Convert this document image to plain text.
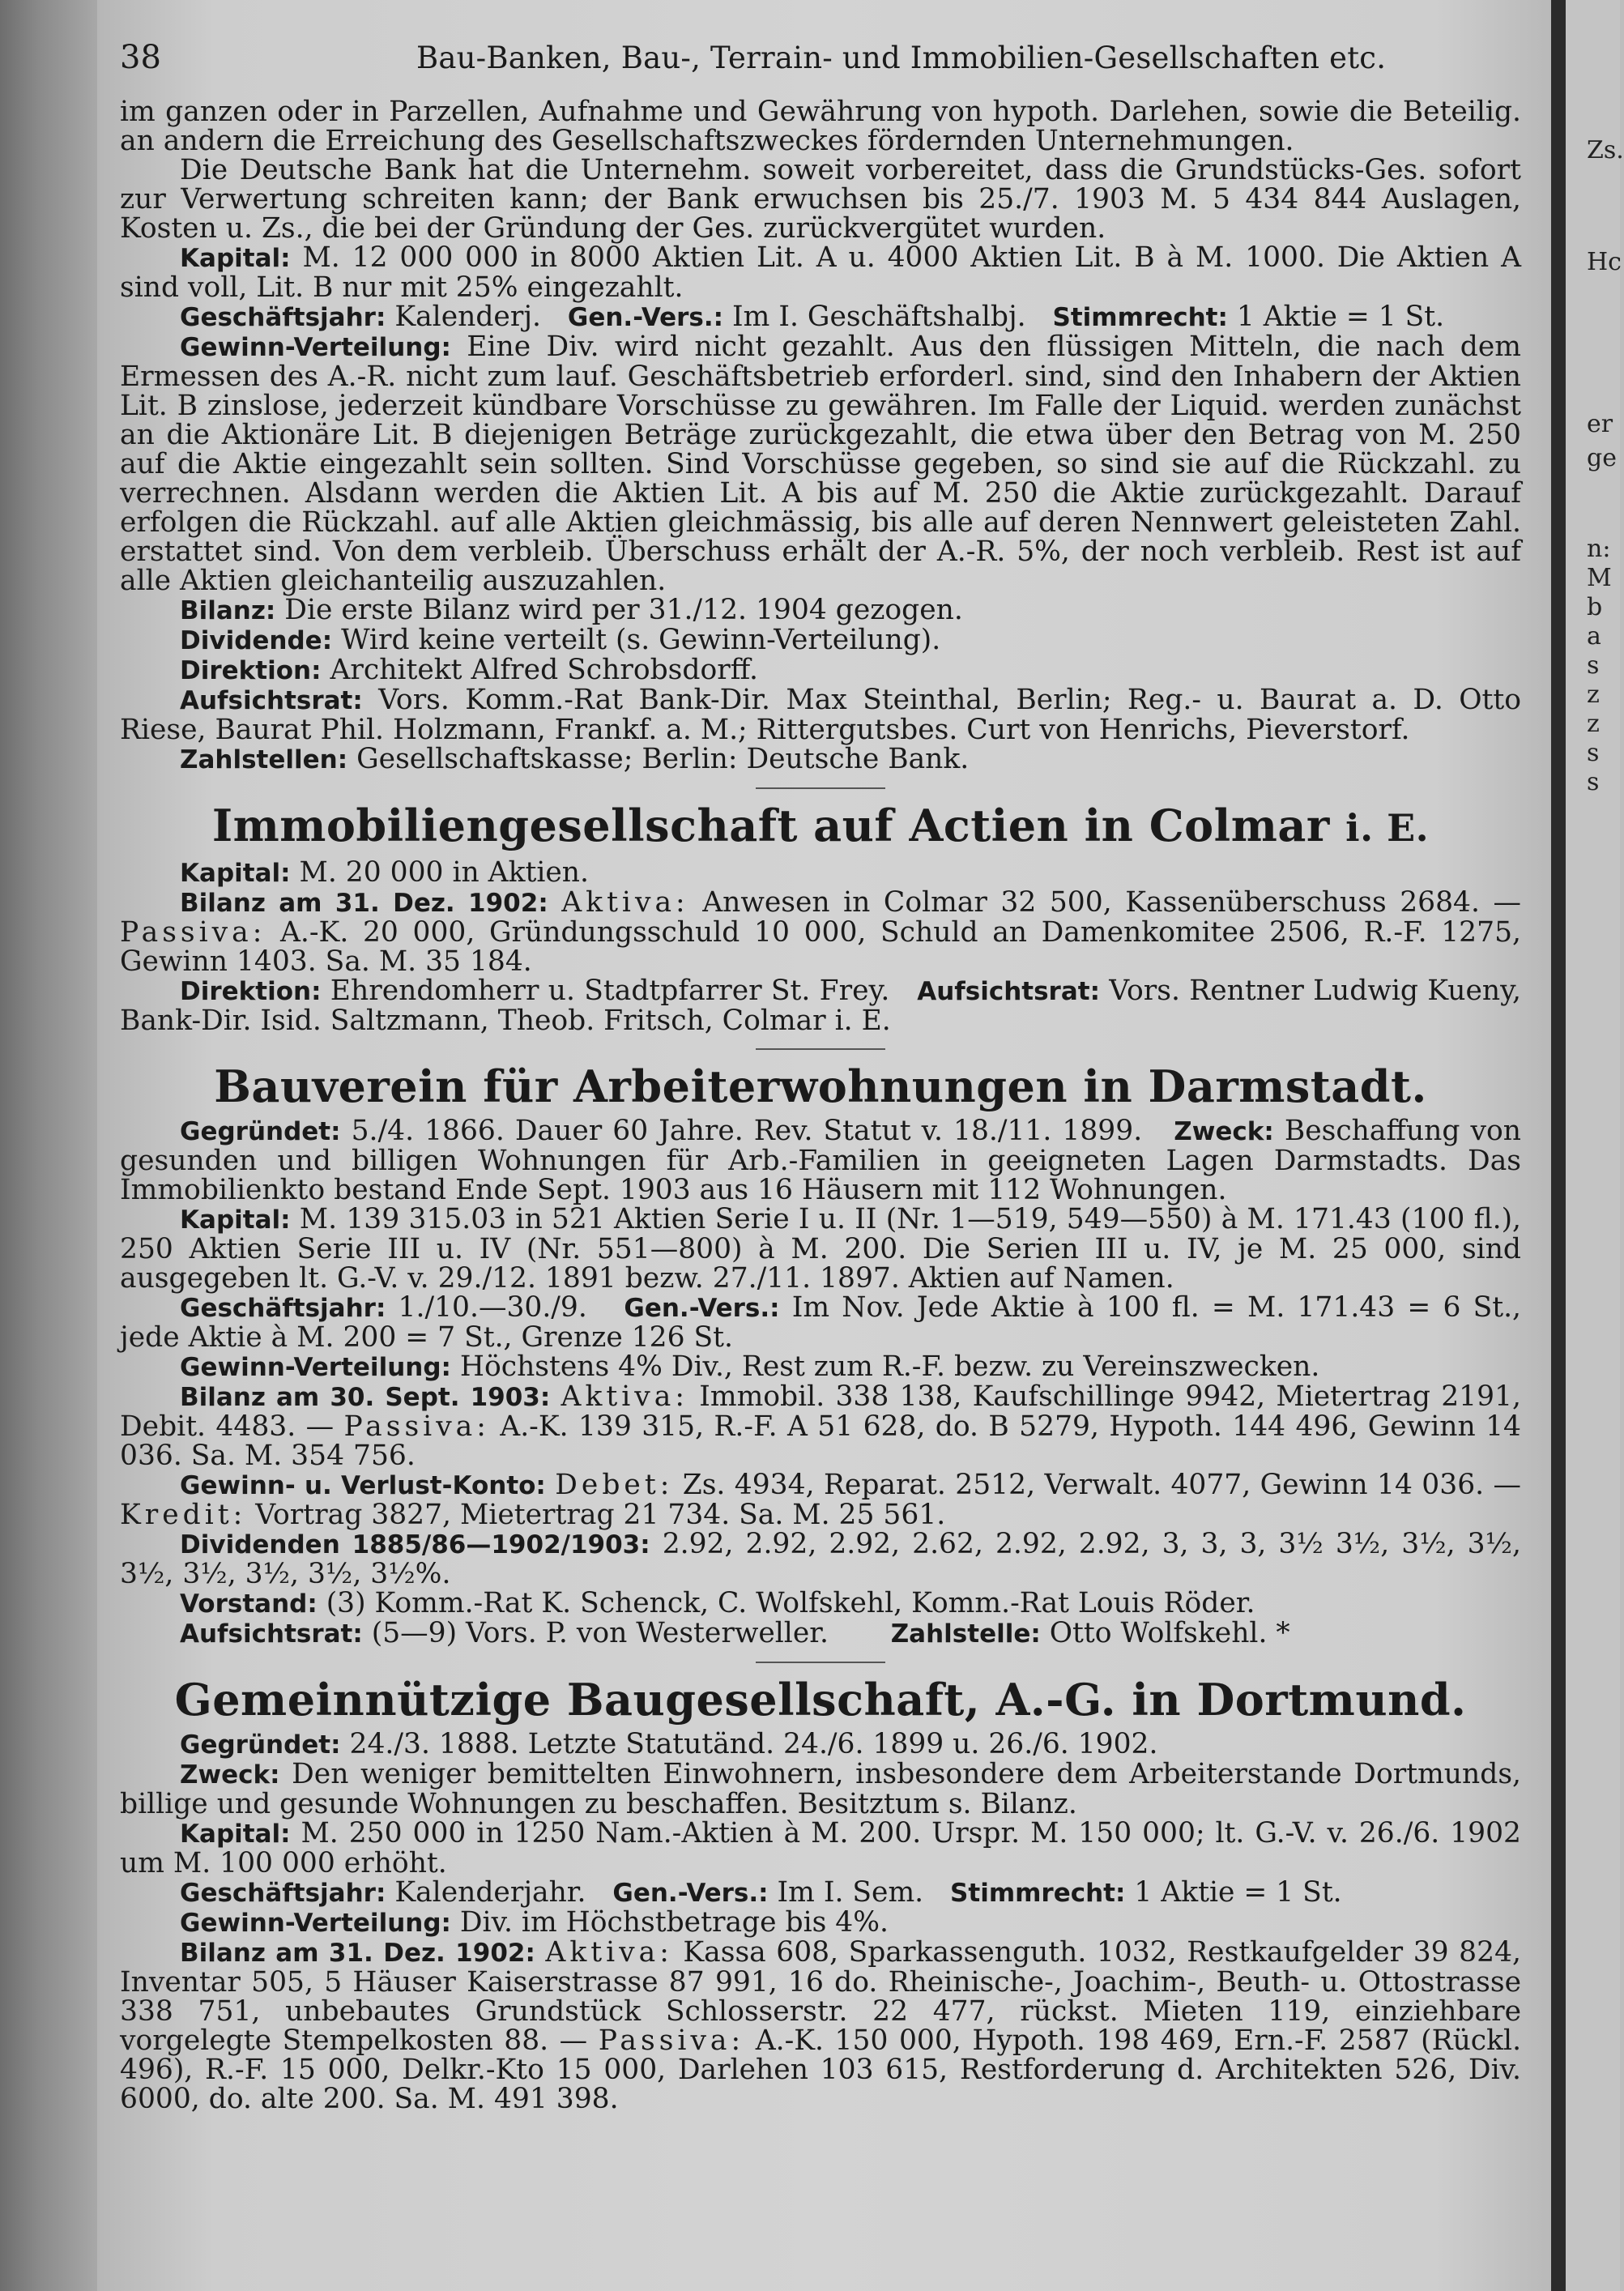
Zs.
Hc
er
ge
n:
M
b
a
s
z
z
s
s
38	Bau-Banken, Bau-, Terrain- und Immobilien-Gesellschaften etc.

im ganzen oder in Parzellen, Aufnahme und Gewährung von hypoth. Darlehen, sowie die Beteilig. an andern die Erreichung des Gesellschaftszweckes fördernden Unternehmungen.

Die Deutsche Bank hat die Unternehm. soweit vorbereitet, dass die Grundstücks-Ges. sofort zur Verwertung schreiten kann; der Bank erwuchsen bis 25./7. 1903 M. 5 434 844 Auslagen, Kosten u. Zs., die bei der Gründung der Ges. zurückvergütet wurden.

Kapital: M. 12 000 000 in 8000 Aktien Lit. A u. 4000 Aktien Lit. B à M. 1000. Die Aktien A sind voll, Lit. B nur mit 25% eingezahlt.

Geschäftsjahr: Kalenderj. Gen.-Vers.: Im I. Geschäftshalbj. Stimmrecht: 1 Aktie = 1 St.

Gewinn-Verteilung: Eine Div. wird nicht gezahlt. Aus den flüssigen Mitteln, die nach dem Ermessen des A.-R. nicht zum lauf. Geschäftsbetrieb erforderl. sind, sind den Inhabern der Aktien Lit. B zinslose, jederzeit kündbare Vorschüsse zu gewähren. Im Falle der Liquid. werden zunächst an die Aktionäre Lit. B diejenigen Beträge zurückgezahlt, die etwa über den Betrag von M. 250 auf die Aktie eingezahlt sein sollten. Sind Vorschüsse gegeben, so sind sie auf die Rückzahl. zu verrechnen. Alsdann werden die Aktien Lit. A bis auf M. 250 die Aktie zurückgezahlt. Darauf erfolgen die Rückzahl. auf alle Aktien gleichmässig, bis alle auf deren Nennwert geleisteten Zahl. erstattet sind. Von dem verbleib. Überschuss erhält der A.-R. 5%, der noch verbleib. Rest ist auf alle Aktien gleichanteilig auszuzahlen.

Bilanz: Die erste Bilanz wird per 31./12. 1904 gezogen.

Dividende: Wird keine verteilt (s. Gewinn-Verteilung).

Direktion: Architekt Alfred Schrobsdorff.

Aufsichtsrat: Vors. Komm.-Rat Bank-Dir. Max Steinthal, Berlin; Reg.- u. Baurat a. D. Otto Riese, Baurat Phil. Holzmann, Frankf. a. M.; Rittergutsbes. Curt von Henrichs, Pieverstorf.

Zahlstellen: Gesellschaftskasse; Berlin: Deutsche Bank.

Immobiliengesellschaft auf Actien in Colmar i. E.

Kapital: M. 20 000 in Aktien.

Bilanz am 31. Dez. 1902: Aktiva: Anwesen in Colmar 32 500, Kassenüberschuss 2684. — Passiva: A.-K. 20 000, Gründungsschuld 10 000, Schuld an Damenkomitee 2506, R.-F. 1275, Gewinn 1403. Sa. M. 35 184.

Direktion: Ehrendomherr u. Stadtpfarrer St. Frey. Aufsichtsrat: Vors. Rentner Ludwig Kueny, Bank-Dir. Isid. Saltzmann, Theob. Fritsch, Colmar i. E.

Bauverein für Arbeiterwohnungen in Darmstadt.

Gegründet: 5./4. 1866. Dauer 60 Jahre. Rev. Statut v. 18./11. 1899. Zweck: Beschaffung von gesunden und billigen Wohnungen für Arb.-Familien in geeigneten Lagen Darmstadts. Das Immobilienkto bestand Ende Sept. 1903 aus 16 Häusern mit 112 Wohnungen.

Kapital: M. 139 315.03 in 521 Aktien Serie I u. II (Nr. 1—519, 549—550) à M. 171.43 (100 fl.), 250 Aktien Serie III u. IV (Nr. 551—800) à M. 200. Die Serien III u. IV, je M. 25 000, sind ausgegeben lt. G.-V. v. 29./12. 1891 bezw. 27./11. 1897. Aktien auf Namen.

Geschäftsjahr: 1./10.—30./9. Gen.-Vers.: Im Nov. Jede Aktie à 100 fl. = M. 171.43 = 6 St., jede Aktie à M. 200 = 7 St., Grenze 126 St.

Gewinn-Verteilung: Höchstens 4% Div., Rest zum R.-F. bezw. zu Vereinszwecken.

Bilanz am 30. Sept. 1903: Aktiva: Immobil. 338 138, Kaufschillinge 9942, Mietertrag 2191, Debit. 4483. — Passiva: A.-K. 139 315, R.-F. A 51 628, do. B 5279, Hypoth. 144 496, Gewinn 14 036. Sa. M. 354 756.

Gewinn- u. Verlust-Konto: Debet: Zs. 4934, Reparat. 2512, Verwalt. 4077, Gewinn 14 036. — Kredit: Vortrag 3827, Mietertrag 21 734. Sa. M. 25 561.

Dividenden 1885/86—1902/1903: 2.92, 2.92, 2.92, 2.62, 2.92, 2.92, 3, 3, 3, 3½ 3½, 3½, 3½, 3½, 3½, 3½, 3½, 3½%.

Vorstand: (3) Komm.-Rat K. Schenck, C. Wolfskehl, Komm.-Rat Louis Röder.

Aufsichtsrat: (5—9) Vors. P. von Westerweller. Zahlstelle: Otto Wolfskehl. *

Gemeinnützige Baugesellschaft, A.-G. in Dortmund.

Gegründet: 24./3. 1888. Letzte Statutänd. 24./6. 1899 u. 26./6. 1902.

Zweck: Den weniger bemittelten Einwohnern, insbesondere dem Arbeiterstande Dortmunds, billige und gesunde Wohnungen zu beschaffen. Besitztum s. Bilanz.

Kapital: M. 250 000 in 1250 Nam.-Aktien à M. 200. Urspr. M. 150 000; lt. G.-V. v. 26./6. 1902 um M. 100 000 erhöht.

Geschäftsjahr: Kalenderjahr. Gen.-Vers.: Im I. Sem. Stimmrecht: 1 Aktie = 1 St.

Gewinn-Verteilung: Div. im Höchstbetrage bis 4%.

Bilanz am 31. Dez. 1902: Aktiva: Kassa 608, Sparkassenguth. 1032, Restkaufgelder 39 824, Inventar 505, 5 Häuser Kaiserstrasse 87 991, 16 do. Rheinische-, Joachim-, Beuth- u. Ottostrasse 338 751, unbebautes Grundstück Schlosserstr. 22 477, rückst. Mieten 119, einziehbare vorgelegte Stempelkosten 88. — Passiva: A.-K. 150 000, Hypoth. 198 469, Ern.-F. 2587 (Rückl. 496), R.-F. 15 000, Delkr.-Kto 15 000, Darlehen 103 615, Restforderung d. Architekten 526, Div. 6000, do. alte 200. Sa. M. 491 398.
